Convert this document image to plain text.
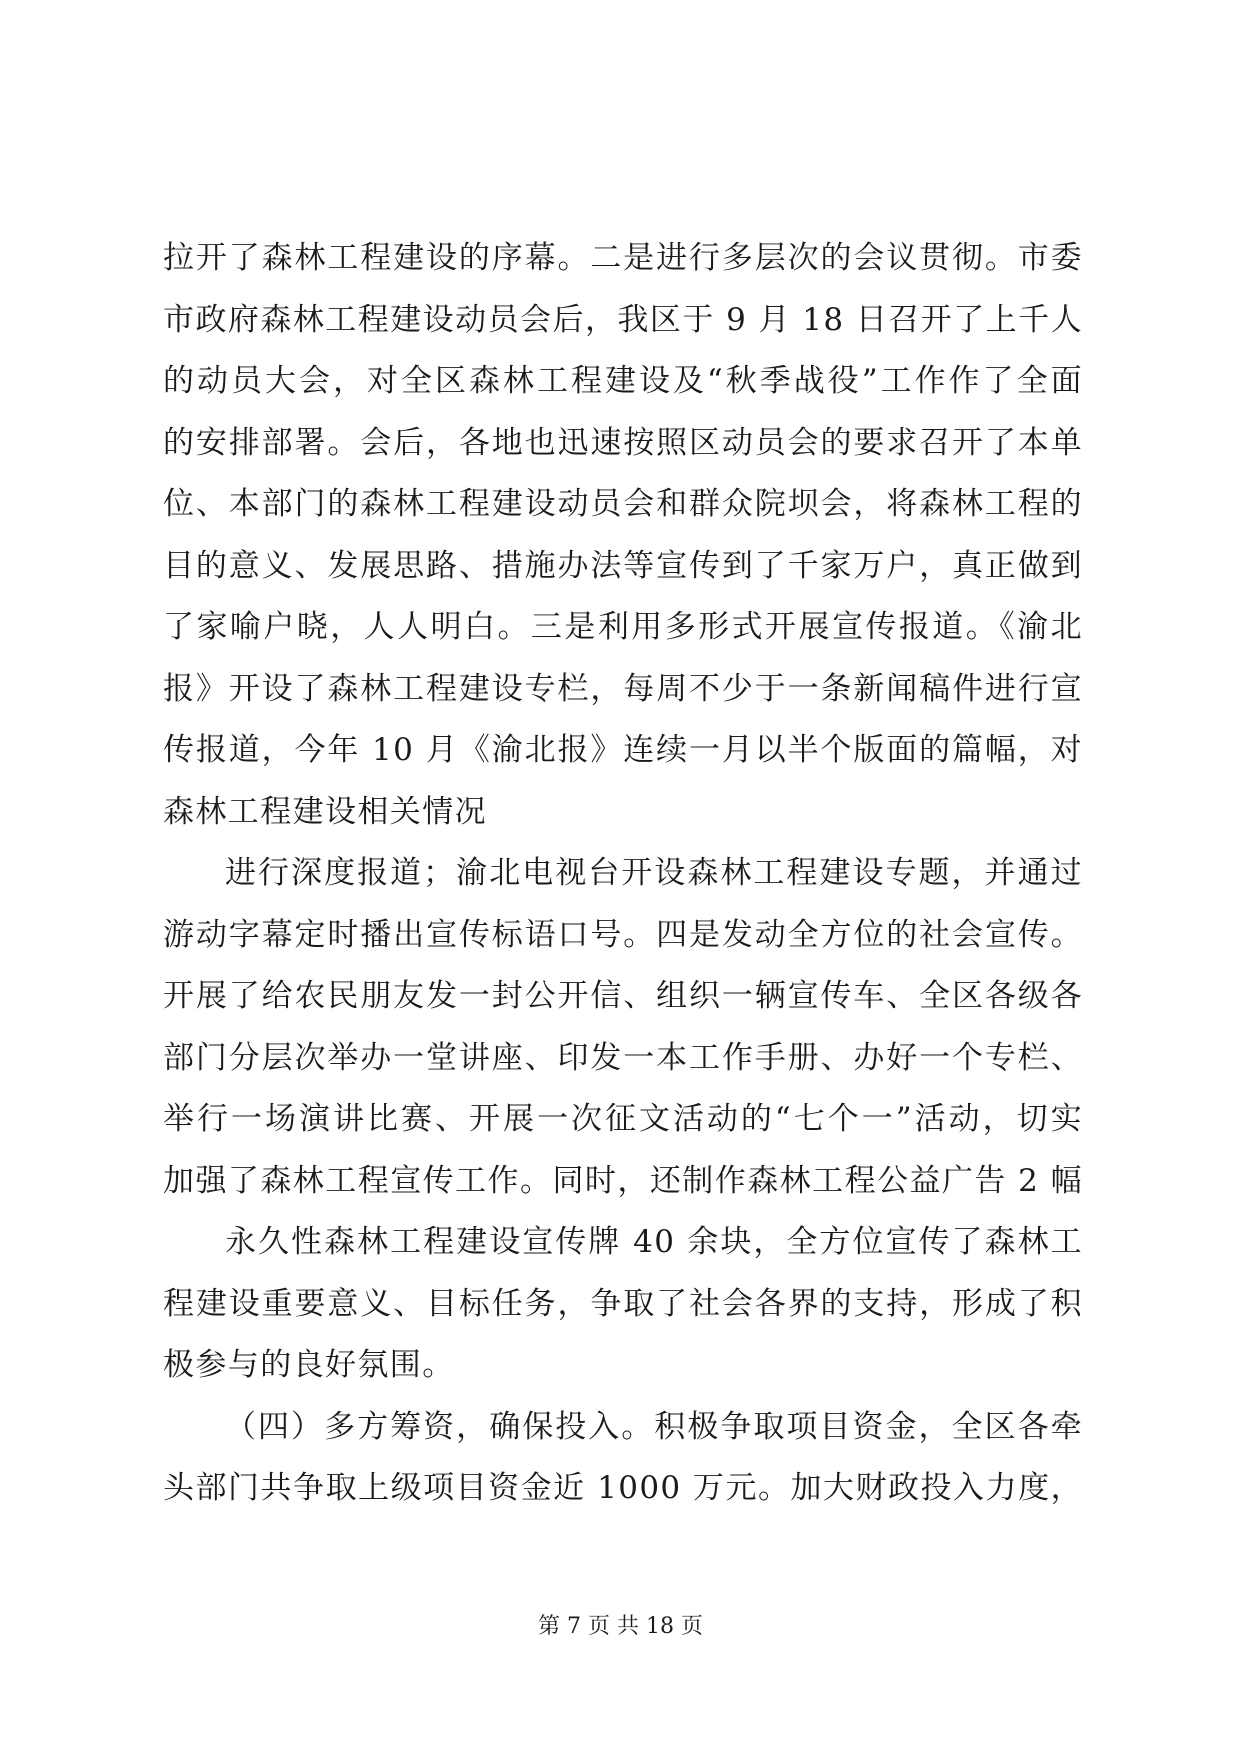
拉开了森林工程建设的序幕。二是进行多层次的会议贯彻。市委
市政府森林工程建设动员会后，我区于 9 月 18 日召开了上千人
的动员大会，对全区森林工程建设及“秋季战役”工作作了全面
的安排部署。会后，各地也迅速按照区动员会的要求召开了本单
位、本部门的森林工程建设动员会和群众院坝会，将森林工程的
目的意义、发展思路、措施办法等宣传到了千家万户，真正做到
了家喻户晓，人人明白。三是利用多形式开展宣传报道。《渝北
报》开设了森林工程建设专栏，每周不少于一条新闻稿件进行宣
传报道，今年 10 月《渝北报》连续一月以半个版面的篇幅，对
森林工程建设相关情况
进行深度报道；渝北电视台开设森林工程建设专题，并通过
游动字幕定时播出宣传标语口号。四是发动全方位的社会宣传。
开展了给农民朋友发一封公开信、组织一辆宣传车、全区各级各
部门分层次举办一堂讲座、印发一本工作手册、办好一个专栏、
举行一场演讲比赛、开展一次征文活动的“七个一”活动，切实
加强了森林工程宣传工作。同时，还制作森林工程公益广告 2 幅
永久性森林工程建设宣传牌 40 余块，全方位宣传了森林工
程建设重要意义、目标任务，争取了社会各界的支持，形成了积
极参与的良好氛围。
（四）多方筹资，确保投入。积极争取项目资金，全区各牵
头部门共争取上级项目资金近 1000 万元。加大财政投入力度，
第 7 页 共 18 页
